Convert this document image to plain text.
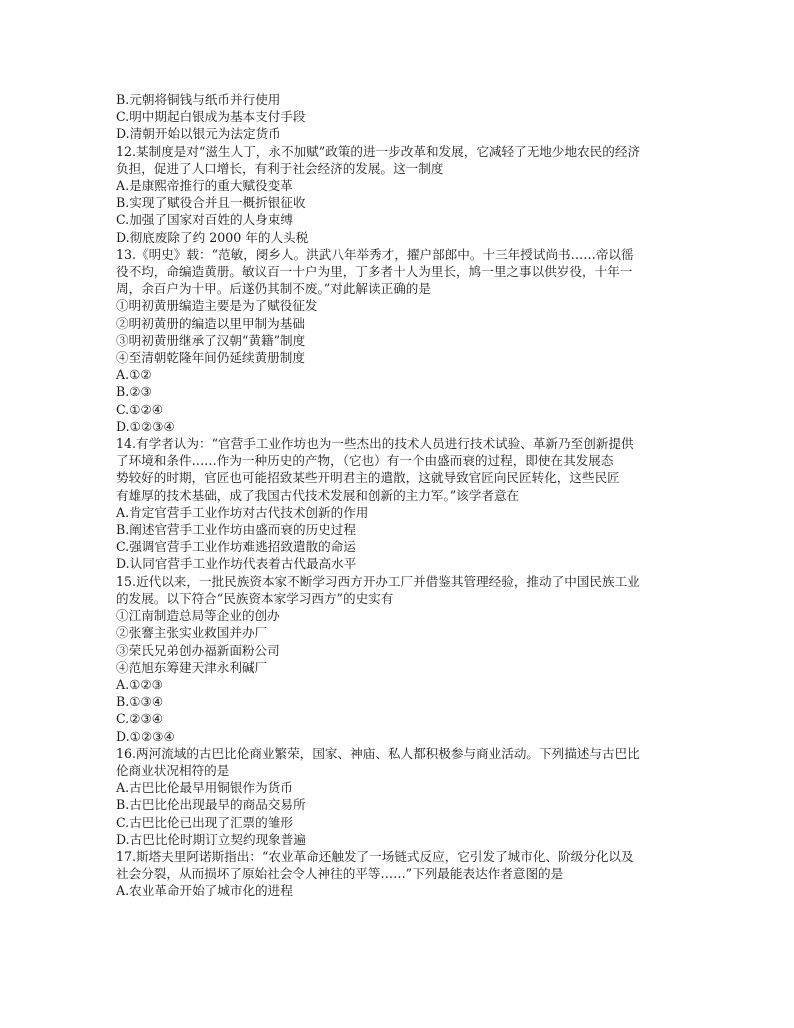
B.元朝将铜钱与纸币并行使用
C.明中期起白银成为基本支付手段
D.清朝开始以银元为法定货币
12.某制度是对“滋生人丁，永不加赋”政策的进一步改革和发展，它减轻了无地少地农民的经济
负担，促进了人口增长，有利于社会经济的发展。这一制度
A.是康熙帝推行的重大赋役变革
B.实现了赋役合并且一概折银征收
C.加强了国家对百姓的人身束缚
D.彻底废除了约 2000 年的人头税
13.《明史》载：“范敏，阌乡人。洪武八年举秀才，擢户部郎中。十三年授试尚书……帝以徭
役不均，命编造黄册。敏议百一十户为里，丁多者十人为里长，鸠一里之事以供岁役，十年一
周，余百户为十甲。后遂仍其制不废。”对此解读正确的是
①明初黄册编造主要是为了赋役征发
②明初黄册的编造以里甲制为基础
③明初黄册继承了汉朝“黄籍”制度
④至清朝乾隆年间仍延续黄册制度
A.①②
B.②③
C.①②④
D.①②③④
14.有学者认为：“官营手工业作坊也为一些杰出的技术人员进行技术试验、革新乃至创新提供
了环境和条件……作为一种历史的产物，（它也）有一个由盛而衰的过程，即使在其发展态
势较好的时期，官匠也可能招致某些开明君主的遣散，这就导致官匠向民匠转化，这些民匠
有雄厚的技术基础，成了我国古代技术发展和创新的主力军。”该学者意在
A.肯定官营手工业作坊对古代技术创新的作用
B.阐述官营手工业作坊由盛而衰的历史过程
C.强调官营手工业作坊难逃招致遣散的命运
D.认同官营手工业作坊代表着古代最高水平
15.近代以来，一批民族资本家不断学习西方开办工厂并借鉴其管理经验，推动了中国民族工业
的发展。以下符合“民族资本家学习西方”的史实有
①江南制造总局等企业的创办
②张謇主张实业救国并办厂
③荣氏兄弟创办福新面粉公司
④范旭东筹建天津永利碱厂
A.①②③
B.①③④
C.②③④
D.①②③④
16.两河流域的古巴比伦商业繁荣，国家、神庙、私人都积极参与商业活动。下列描述与古巴比
伦商业状况相符的是
A.古巴比伦最早用铜银作为货币
B.古巴比伦出现最早的商品交易所
C.古巴比伦已出现了汇票的雏形
D.古巴比伦时期订立契约现象普遍
17.斯塔夫里阿诺斯指出：“农业革命还触发了一场链式反应，它引发了城市化、阶级分化以及
社会分裂，从而损坏了原始社会令人神往的平等……”下列最能表达作者意图的是
A.农业革命开始了城市化的进程
